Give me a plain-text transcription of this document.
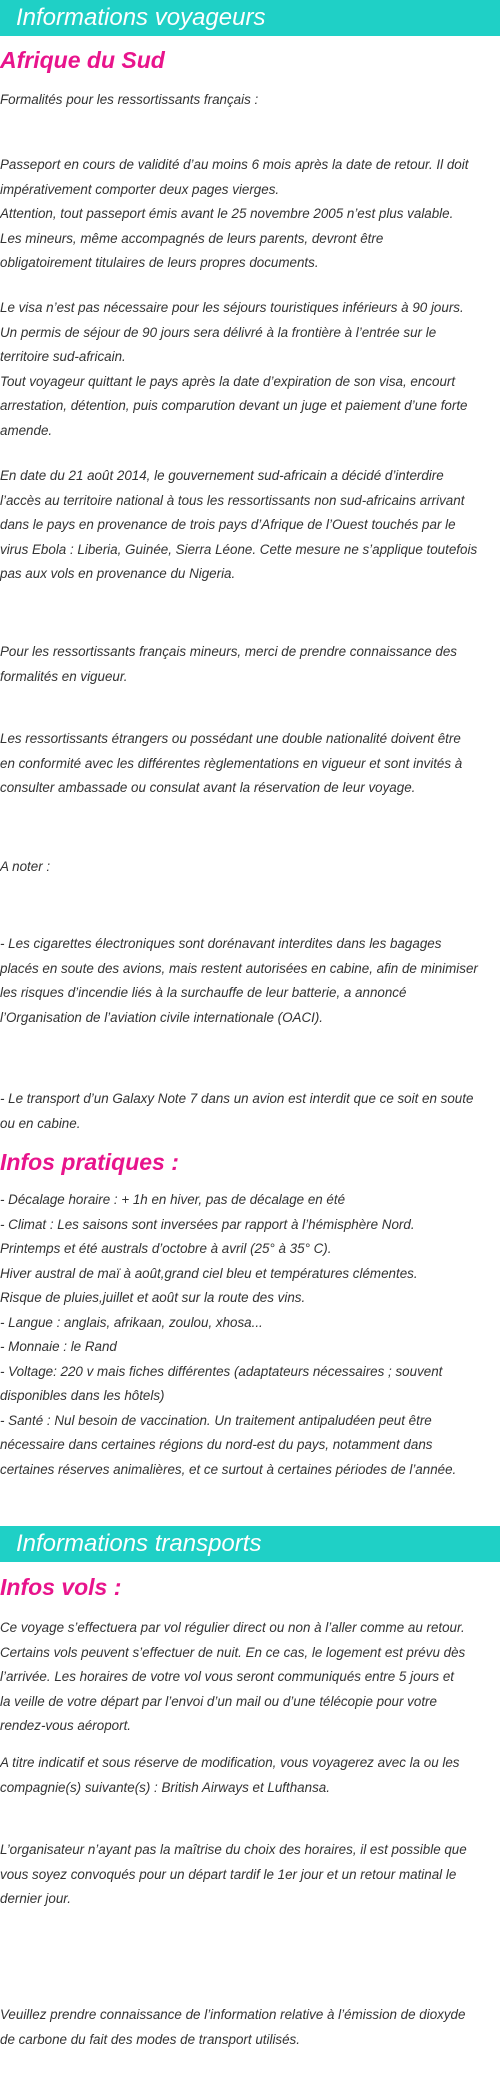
Informations voyageurs
Afrique du Sud

Formalités pour les ressortissants français :

Passeport en cours de validité d’au moins 6 mois après la date de retour. Il doit
impérativement comporter deux pages vierges.
Attention, tout passeport émis avant le 25 novembre 2005 n’est plus valable.
Les mineurs, même accompagnés de leurs parents, devront être
obligatoirement titulaires de leurs propres documents.

Le visa n’est pas nécessaire pour les séjours touristiques inférieurs à 90 jours.
Un permis de séjour de 90 jours sera délivré à la frontière à l’entrée sur le
territoire sud-africain.
Tout voyageur quittant le pays après la date d’expiration de son visa, encourt
arrestation, détention, puis comparution devant un juge et paiement d’une forte
amende.

En date du 21 août 2014, le gouvernement sud-africain a décidé d’interdire
l’accès au territoire national à tous les ressortissants non sud-africains arrivant
dans le pays en provenance de trois pays d’Afrique de l’Ouest touchés par le
virus Ebola : Liberia, Guinée, Sierra Léone. Cette mesure ne s’applique toutefois
pas aux vols en provenance du Nigeria.

Pour les ressortissants français mineurs, merci de prendre connaissance des
formalités en vigueur.

Les ressortissants étrangers ou possédant une double nationalité doivent être
en conformité avec les différentes règlementations en vigueur et sont invités à
consulter ambassade ou consulat avant la réservation de leur voyage.

A noter :

- Les cigarettes électroniques sont dorénavant interdites dans les bagages
placés en soute des avions, mais restent autorisées en cabine, afin de minimiser
les risques d’incendie liés à la surchauffe de leur batterie, a annoncé
l’Organisation de l’aviation civile internationale (OACI).

- Le transport d’un Galaxy Note 7 dans un avion est interdit que ce soit en soute
ou en cabine.

Infos pratiques :

- Décalage horaire : + 1h en hiver, pas de décalage en été
- Climat : Les saisons sont inversées par rapport à l’hémisphère Nord.
Printemps et été australs d’octobre à avril (25° à 35° C).
Hiver austral de maï à août,grand ciel bleu et températures clémentes.
Risque de pluies,juillet et août sur la route des vins.
- Langue : anglais, afrikaan, zoulou, xhosa...
- Monnaie : le Rand
- Voltage: 220 v mais fiches différentes (adaptateurs nécessaires ; souvent
disponibles dans les hôtels)
- Santé : Nul besoin de vaccination. Un traitement antipaludéen peut être
nécessaire dans certaines régions du nord-est du pays, notamment dans
certaines réserves animalières, et ce surtout à certaines périodes de l’année.

Informations transports
Infos vols :

Ce voyage s’effectuera par vol régulier direct ou non à l’aller comme au retour.
Certains vols peuvent s’effectuer de nuit. En ce cas, le logement est prévu dès
l’arrivée. Les horaires de votre vol vous seront communiqués entre 5 jours et
la veille de votre départ par l’envoi d’un mail ou d’une télécopie pour votre
rendez-vous aéroport.

A titre indicatif et sous réserve de modification, vous voyagerez avec la ou les
compagnie(s) suivante(s) : British Airways et Lufthansa.

L’organisateur n’ayant pas la maîtrise du choix des horaires, il est possible que
vous soyez convoqués pour un départ tardif le 1er jour et un retour matinal le
dernier jour.

Veuillez prendre connaissance de l’information relative à l’émission de dioxyde
de carbone du fait des modes de transport utilisés.
